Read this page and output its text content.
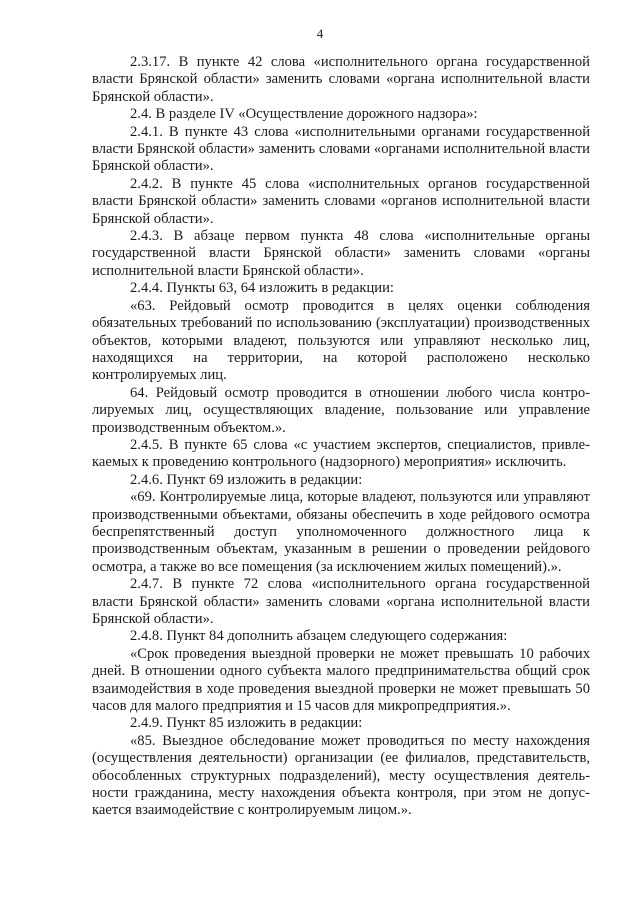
4

2.3.17. В пункте 42 слова «исполнительного органа государственной власти Брянской области» заменить словами «органа исполнительной власти Брянской области».

2.4. В разделе IV «Осуществление дорожного надзора»:

2.4.1. В пункте 43 слова «исполнительными органами государственной власти Брянской области» заменить словами «органами исполнительной власти Брянской области».

2.4.2. В пункте 45 слова «исполнительных органов государственной власти Брянской области» заменить словами «органов исполнительной власти Брянской области».

2.4.3. В абзаце первом пункта 48 слова «исполнительные органы государственной власти Брянской области» заменить словами «органы исполнительной власти Брянской области».

2.4.4. Пункты 63, 64 изложить в редакции:

«63. Рейдовый осмотр проводится в целях оценки соблюдения обязательных требований по использованию (эксплуатации) производственных объектов, которыми владеют, пользуются или управляют несколько лиц, находящихся на территории, на которой расположено несколько контролируемых лиц.

64. Рейдовый осмотр проводится в отношении любого числа контролируемых лиц, осуществляющих владение, пользование или управление производственным объектом.».

2.4.5. В пункте 65 слова «с участием экспертов, специалистов, привлекаемых к проведению контрольного (надзорного) мероприятия» исключить.

2.4.6. Пункт 69 изложить в редакции:

«69. Контролируемые лица, которые владеют, пользуются или управляют производственными объектами, обязаны обеспечить в ходе рейдового осмотра беспрепятственный доступ уполномоченного должностного лица к производственным объектам, указанным в решении о проведении рейдового осмотра, а также во все помещения (за исключением жилых помещений).».

2.4.7. В пункте 72 слова «исполнительного органа государственной власти Брянской области» заменить словами «органа исполнительной власти Брянской области».

2.4.8. Пункт 84 дополнить абзацем следующего содержания:

«Срок проведения выездной проверки не может превышать 10 рабочих дней. В отношении одного субъекта малого предпринимательства общий срок взаимодействия в ходе проведения выездной проверки не может превышать 50 часов для малого предприятия и 15 часов для микропредприятия.».

2.4.9. Пункт 85 изложить в редакции:

«85. Выездное обследование может проводиться по месту нахождения (осуществления деятельности) организации (ее филиалов, представительств, обособленных структурных подразделений), месту осуществления деятельности гражданина, месту нахождения объекта контроля, при этом не допускается взаимодействие с контролируемым лицом.».
